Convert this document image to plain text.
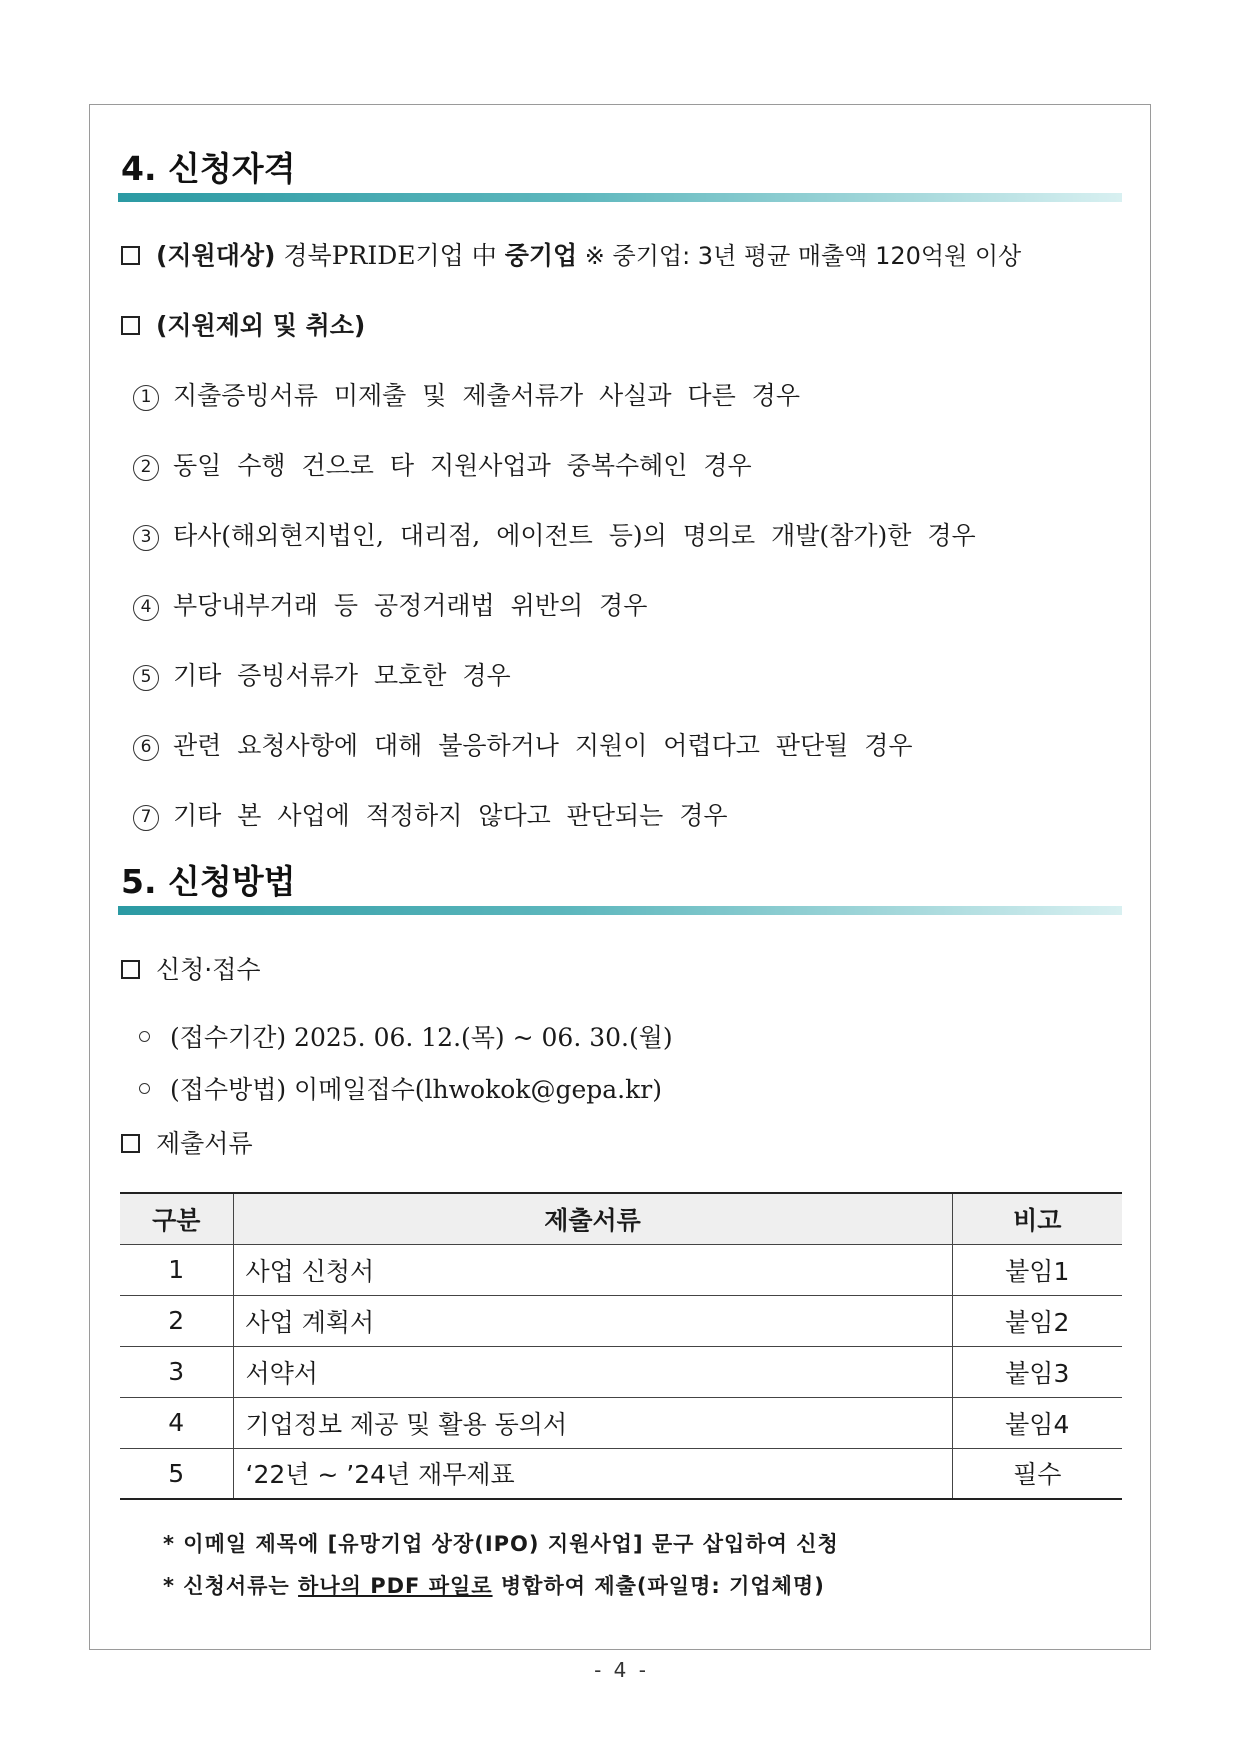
4. 신청자격
(지원대상) 경북PRIDE기업 中 중기업 ※ 중기업: 3년 평균 매출액 120억원 이상
(지원제외 및 취소)
1 지출증빙서류 미제출 및 제출서류가 사실과 다른 경우
2 동일 수행 건으로 타 지원사업과 중복수혜인 경우
3 타사(해외현지법인, 대리점, 에이전트 등)의 명의로 개발(참가)한 경우
4 부당내부거래 등 공정거래법 위반의 경우
5 기타 증빙서류가 모호한 경우
6 관련 요청사항에 대해 불응하거나 지원이 어렵다고 판단될 경우
7 기타 본 사업에 적정하지 않다고 판단되는 경우
5. 신청방법
신청·접수
(접수기간) 2025. 06. 12.(목) ~ 06. 30.(월)
(접수방법) 이메일접수(lhwokok@gepa.kr)
제출서류
구분	제출서류	비고
1	사업 신청서	붙임1
2	사업 계획서	붙임2
3	서약서	붙임3
4	기업정보 제공 및 활용 동의서	붙임4
5	‘22년 ~ ’24년 재무제표	필수
* 이메일 제목에 [유망기업 상장(IPO) 지원사업] 문구 삽입하여 신청
* 신청서류는 하나의 PDF 파일로 병합하여 제출(파일명: 기업체명)
- 4 -
